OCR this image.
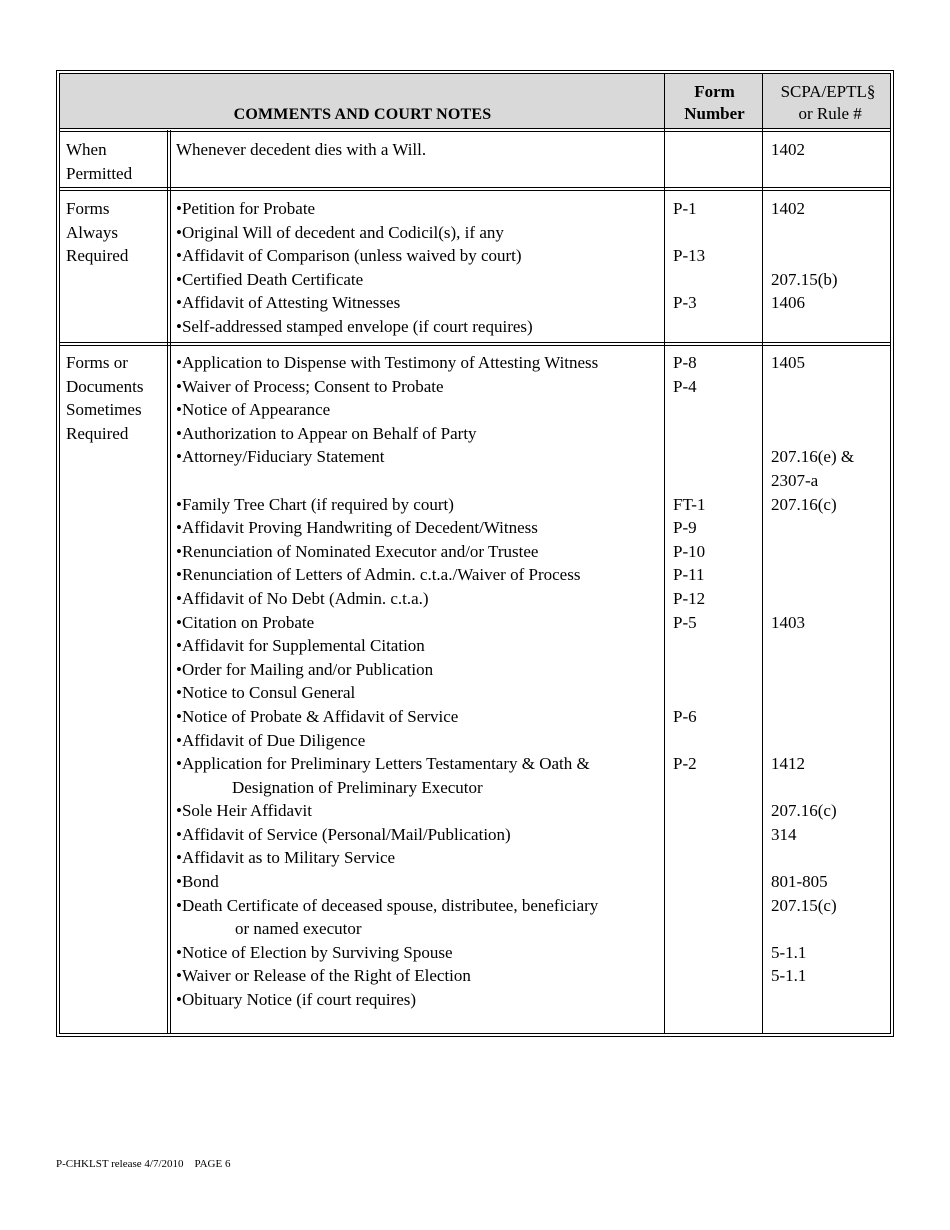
COMMENTS AND COURT NOTES
Form
Number
SCPA/EPTL§
or Rule #
When
Permitted
Whenever decedent dies with a Will.	1402
Forms
Always
Required
•Petition for Probate
•Original Will of decedent and Codicil(s), if any
•Affidavit of Comparison (unless waived by court)
•Certified Death Certificate
•Affidavit of Attesting Witnesses
•Self-addressed stamped envelope (if court requires)
P-1
P-13
P-3
1402
207.15(b)
1406
Forms or
Documents
Sometimes
Required
•Application to Dispense with Testimony of Attesting Witness
•Waiver of Process; Consent to Probate
•Notice of Appearance
•Authorization to Appear on Behalf of Party
•Attorney/Fiduciary Statement
•Family Tree Chart (if required by court)
•Affidavit Proving Handwriting of Decedent/Witness
•Renunciation of Nominated Executor and/or Trustee
•Renunciation of Letters of Admin. c.t.a./Waiver of Process
•Affidavit of No Debt (Admin. c.t.a.)
•Citation on Probate
•Affidavit for Supplemental Citation
•Order for Mailing and/or Publication
•Notice to Consul General
•Notice of Probate & Affidavit of Service
•Affidavit of Due Diligence
•Application for Preliminary Letters Testamentary & Oath &
Designation of Preliminary Executor
•Sole Heir Affidavit
•Affidavit of Service (Personal/Mail/Publication)
•Affidavit as to Military Service
•Bond
•Death Certificate of deceased spouse, distributee, beneficiary
or named executor
•Notice of Election by Surviving Spouse
•Waiver or Release of the Right of Election
•Obituary Notice (if court requires)
P-8
P-4
FT-1
P-9
P-10
P-11
P-12
P-5
P-6
P-2
1405
207.16(e) &
2307-a
207.16(c)
1403
1412
207.16(c)
314
801-805
207.15(c)
5-1.1
5-1.1
P-CHKLST release 4/7/2010    PAGE 6
